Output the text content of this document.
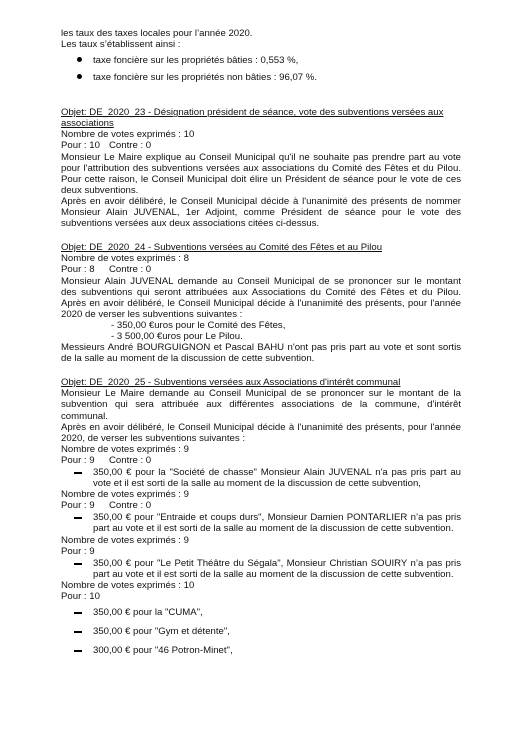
les taux des taxes locales pour l’année 2020.
Les taux s’établissent ainsi :
taxe foncière sur les propriétés bâties : 0,553 %,
taxe foncière sur les propriétés non bâties : 96,07 %.
Objet: DE_2020_23 - Désignation président de séance, vote des subventions versées aux
associations
Nombre de votes exprimés : 10
Pour : 10 Contre : 0
Monsieur Le Maire explique au Conseil Municipal qu'il ne souhaite pas prendre part au vote
pour l'attribution des subventions versées aux associations du Comité des Fêtes et du Pilou.
Pour cette raison, le Conseil Municipal doit élire un Président de séance pour le vote de ces
deux subventions.
Après en avoir délibéré, le Conseil Municipal décide à l'unanimité des présents de nommer
Monsieur Alain JUVENAL, 1er Adjoint, comme Président de séance pour le vote des
subventions versées aux deux associations citées ci-dessus.
Objet: DE_2020_24 - Subventions versées au Comité des Fêtes et au Pilou
Nombre de votes exprimés : 8
Pour : 8 Contre : 0
Monsieur Alain JUVENAL demande au Conseil Municipal de se prononcer sur le montant
des subventions qui seront attribuées aux Associations du Comité des Fêtes et du Pilou.
Après en avoir délibéré, le Conseil Municipal décide à l'unanimité des présents, pour l'année
2020 de verser les subventions suivantes :
- 350,00 €uros pour le Comité des Fêtes,
- 3 500,00 €uros pour Le Pilou.
Messieurs André BOURGUIGNON et Pascal BAHU n'ont pas pris part au vote et sont sortis
de la salle au moment de la discussion de cette subvention.
Objet: DE_2020_25 - Subventions versées aux Associations d'intérêt communal
Monsieur Le Maire demande au Conseil Municipal de se prononcer sur le montant de la
subvention qui sera attribuée aux différentes associations de la commune, d'intérêt
communal.
Après en avoir délibéré, le Conseil Municipal décide à l'unanimité des présents, pour l'année
2020, de verser les subventions suivantes :
Nombre de votes exprimés : 9
Pour : 9 Contre : 0
350,00 € pour la "Société de chasse" Monsieur Alain JUVENAL n'a pas pris part au
vote et il est sorti de la salle au moment de la discussion de cette subvention,
Nombre de votes exprimés : 9
Pour : 9 Contre : 0
350,00 € pour "Entraide et coups durs", Monsieur Damien PONTARLIER n’a pas pris
part au vote et il est sorti de la salle au moment de la discussion de cette subvention.
Nombre de votes exprimés : 9
Pour : 9
350,00 € pour "Le Petit Théâtre du Ségala", Monsieur Christian SOUIRY n’a pas pris
part au vote et il est sorti de la salle au moment de la discussion de cette subvention.
Nombre de votes exprimés : 10
Pour : 10
350,00 € pour la "CUMA",
350,00 € pour "Gym et détente",
300,00 € pour "46 Potron-Minet",
